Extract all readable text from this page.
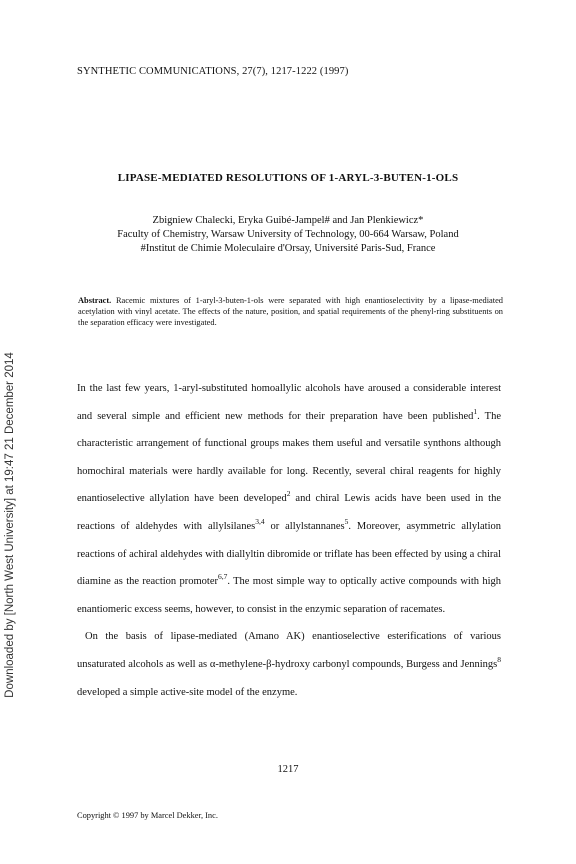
SYNTHETIC COMMUNICATIONS, 27(7), 1217-1222 (1997)
LIPASE-MEDIATED RESOLUTIONS OF 1-ARYL-3-BUTEN-1-OLS
Zbigniew Chalecki, Eryka Guibé-Jampel# and Jan Plenkiewicz*
Faculty of Chemistry, Warsaw University of Technology, 00-664 Warsaw, Poland
#Institut de Chimie Moleculaire d'Orsay, Université Paris-Sud, France
Abstract. Racemic mixtures of 1-aryl-3-buten-1-ols were separated with high enantioselectivity by a lipase-mediated acetylation with vinyl acetate. The effects of the nature, position, and spatial requirements of the phenyl-ring substituents on the separation efficacy were investigated.

In the last few years, 1-aryl-substituted homoallylic alcohols have aroused a considerable interest and several simple and efficient new methods for their preparation have been published$^1$. The characteristic arrangement of functional groups makes them useful and versatile synthons although homochiral materials were hardly available for long. Recently, several chiral reagents for highly enantioselective allylation have been developed$^2$ and chiral Lewis acids have been used in the reactions of aldehydes with allylsilanes$^{3,4}$ or allylstannanes$^5$. Moreover, asymmetric allylation reactions of achiral aldehydes with diallyltin dibromide or triflate has been effected by using a chiral diamine as the reaction promoter$^{6,7}$. The most simple way to optically active compounds with high enantiomeric excess seems, however, to consist in the enzymic separation of racemates.

On the basis of lipase-mediated (Amano AK) enantioselective esterifications of various unsaturated alcohols as well as α-methylene-β-hydroxy carbonyl compounds, Burgess and Jennings$^8$ developed a simple active-site model of the enzyme.

1217
Copyright © 1997 by Marcel Dekker, Inc.
Downloaded by [North West University] at 19:47 21 December 2014
